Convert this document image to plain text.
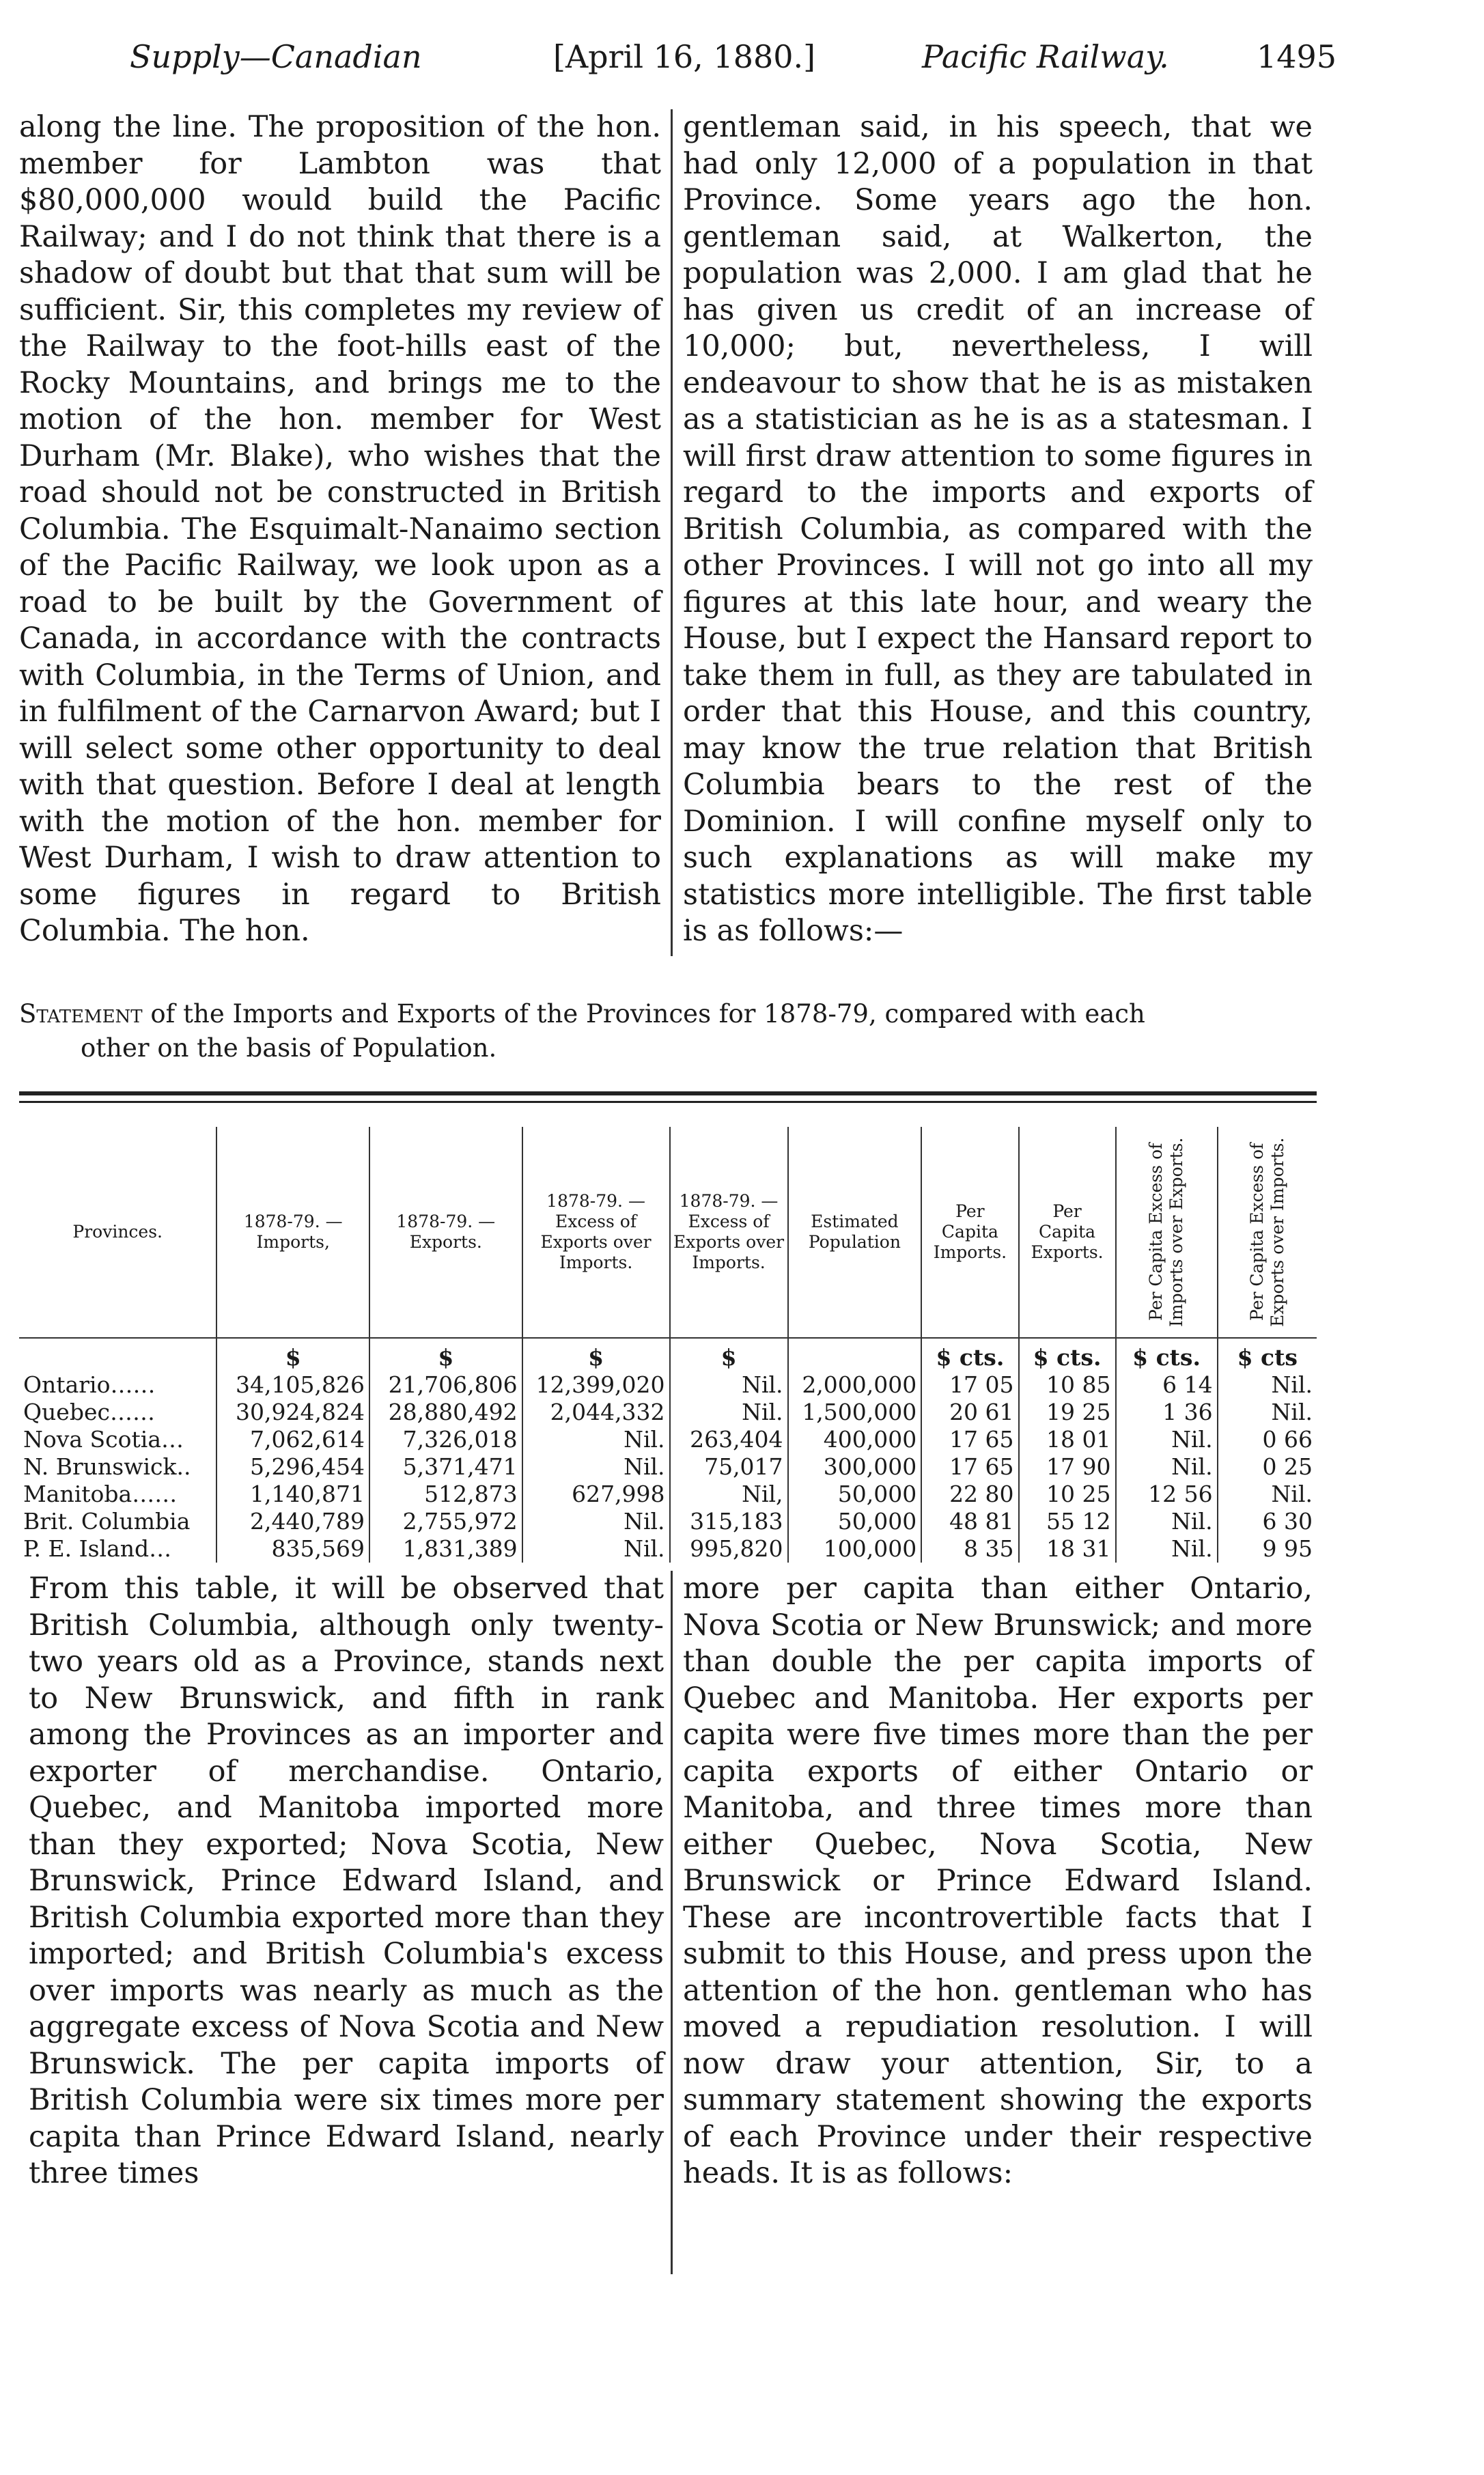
Supply—Canadian	[April 16, 1880.]	Pacific Railway.	1495

along the line. The proposition of the hon. member for Lambton was that $80,000,000 would build the Pacific Railway; and I do not think that there is a shadow of doubt but that that sum will be sufficient. Sir, this completes my review of the Railway to the foot-hills east of the Rocky Mountains, and brings me to the motion of the hon. member for West Durham (Mr. Blake), who wishes that the road should not be constructed in British Columbia. The Esquimalt-Nanaimo section of the Pacific Railway, we look upon as a road to be built by the Government of Canada, in accordance with the contracts with Columbia, in the Terms of Union, and in fulfilment of the Carnarvon Award; but I will select some other opportunity to deal with that question. Before I deal at length with the motion of the hon. member for West Durham, I wish to draw attention to some figures in regard to British Columbia. The hon.

gentleman said, in his speech, that we had only 12,000 of a population in that Province. Some years ago the hon. gentleman said, at Walkerton, the population was 2,000. I am glad that he has given us credit of an increase of 10,000; but, nevertheless, I will endeavour to show that he is as mistaken as a statistician as he is as a statesman. I will first draw attention to some figures in regard to the imports and exports of British Columbia, as compared with the other Provinces. I will not go into all my figures at this late hour, and weary the House, but I expect the Hansard report to take them in full, as they are tabulated in order that this House, and this country, may know the true relation that British Columbia bears to the rest of the Dominion. I will confine myself only to such explanations as will make my statistics more intelligible. The first table is as follows:—

Statement of the Imports and Exports of the Provinces for 1878-79, compared with each
other on the basis of Population.
Provinces.	1878-79. — Imports,	1878-79. — Exports.	1878-79. — Excess of Exports over Imports.	1878-79. — Excess of Exports over Imports.	Estimated Population	Per Capita Imports.	Per Capita Exports.	Per Capita Excess of Imports over Exports.	Per Capita Excess of Exports over Imports.

	$	$	$	$		$ cts.	$ cts.	$ cts.	$ cts
Ontario……	34,105,826	21,706,806	12,399,020	Nil.	2,000,000	17 05	10 85	6 14	Nil.
Quebec……	30,924,824	28,880,492	2,044,332	Nil.	1,500,000	20 61	19 25	1 36	Nil.
Nova Scotia…	7,062,614	7,326,018	Nil.	263,404	400,000	17 65	18 01	Nil.	0 66
N. Brunswick..	5,296,454	5,371,471	Nil.	75,017	300,000	17 65	17 90	Nil.	0 25
Manitoba……	1,140,871	512,873	627,998	Nil,	50,000	22 80	10 25	12 56	Nil.
Brit. Columbia	2,440,789	2,755,972	Nil.	315,183	50,000	48 81	55 12	Nil.	6 30
P. E. Island…	835,569	1,831,389	Nil.	995,820	100,000	8 35	18 31	Nil.	9 95

From this table, it will be observed that British Columbia, although only twenty-two years old as a Province, stands next to New Brunswick, and fifth in rank among the Provinces as an importer and exporter of merchandise. Ontario, Quebec, and Manitoba imported more than they exported; Nova Scotia, New Brunswick, Prince Edward Island, and British Columbia exported more than they imported; and British Columbia's excess over imports was nearly as much as the aggregate excess of Nova Scotia and New Brunswick. The per capita imports of British Columbia were six times more per capita than Prince Edward Island, nearly three times

more per capita than either Ontario, Nova Scotia or New Brunswick; and more than double the per capita imports of Quebec and Manitoba. Her exports per capita were five times more than the per capita exports of either Ontario or Manitoba, and three times more than either Quebec, Nova Scotia, New Brunswick or Prince Edward Island. These are incontrovertible facts that I submit to this House, and press upon the attention of the hon. gentleman who has moved a repudiation resolution. I will now draw your attention, Sir, to a summary statement showing the exports of each Province under their respective heads. It is as follows:
